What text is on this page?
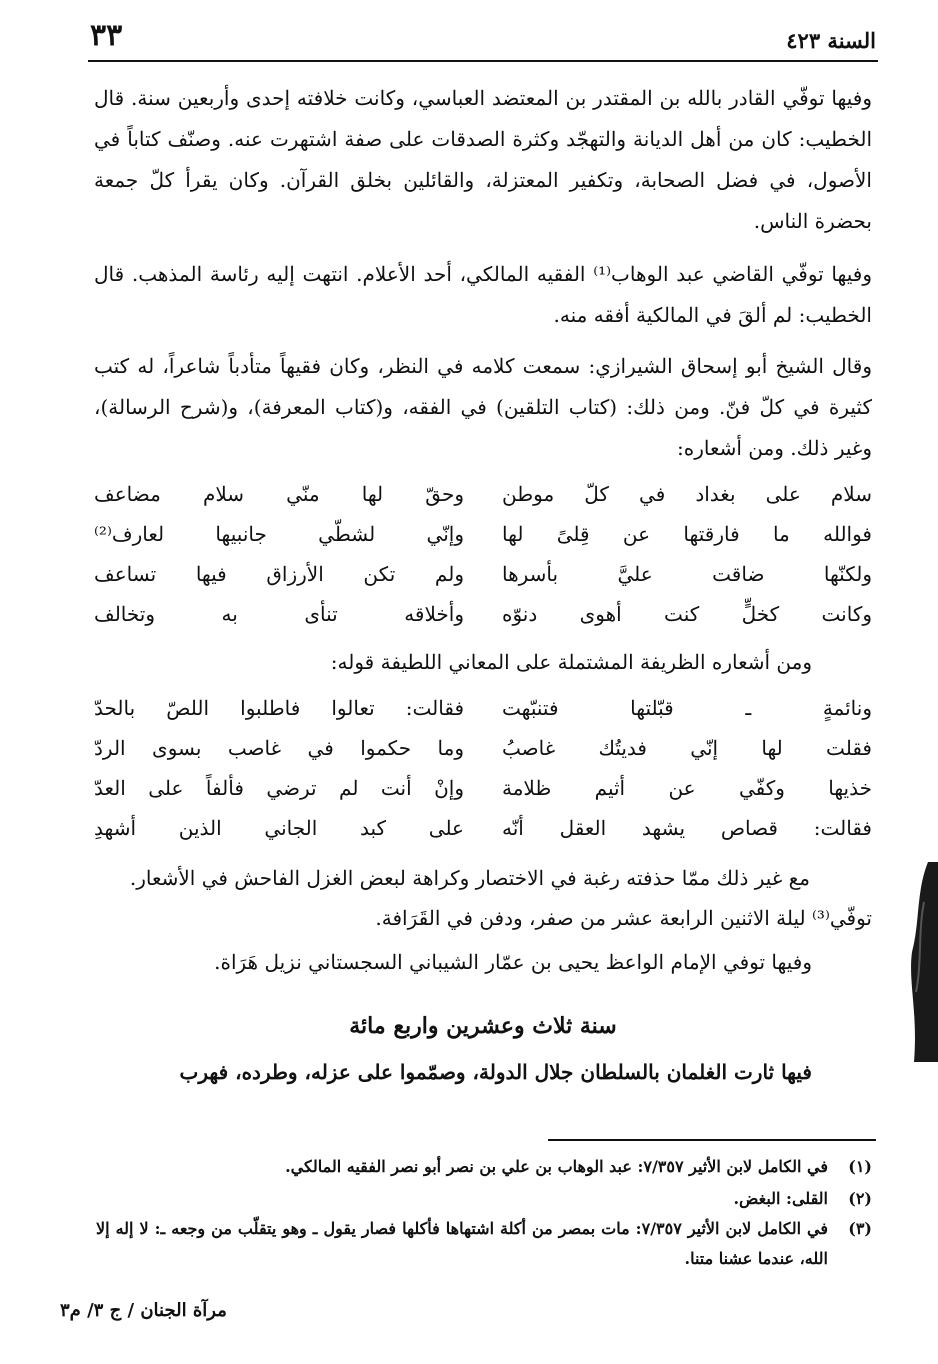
السنة ٤٢٣
٣٣

وفيها توفّي القادر بالله بن المقتدر بن المعتضد العباسي، وكانت خلافته إحدى وأربعين سنة. قال الخطيب: كان من أهل الديانة والتهجّد وكثرة الصدقات على صفة اشتهرت عنه. وصنّف كتاباً في الأصول، في فضل الصحابة، وتكفير المعتزلة، والقائلين بخلق القرآن. وكان يقرأ كلّ جمعة بحضرة الناس.

وفيها توفّي القاضي عبد الوهاب⁽¹⁾ الفقيه المالكي، أحد الأعلام. انتهت إليه رئاسة المذهب. قال الخطيب: لم ألقَ في المالكية أفقه منه.

وقال الشيخ أبو إسحاق الشيرازي: سمعت كلامه في النظر، وكان فقيهاً متأدباً شاعراً، له كتب كثيرة في كلّ فنّ. ومن ذلك: (كتاب التلقين) في الفقه، و(كتاب المعرفة)، و(شرح الرسالة)، وغير ذلك. ومن أشعاره:

سلام على بغداد في كلّ موطن
وحقّ لها منّي سلام مضاعف
فوالله ما فارقتها عن قِلىً لها
وإنّي لشطّي جانبيها لعارف⁽²⁾
ولكنّها ضاقت عليَّ بأسرها
ولم تكن الأرزاق فيها تساعف
وكانت كخلٍّ كنت أهوى دنوّه
وأخلاقه تنأى به وتخالف

ومن أشعاره الظريفة المشتملة على المعاني اللطيفة قوله:

ونائمةٍ ـ قبّلتها فتنبّهت
فقالت: تعالوا فاطلبوا اللصّ بالحدّ
فقلت لها إنّي فديتُك غاصبُ
وما حكموا في غاصب بسوى الردّ
خذيها وكفّي عن أثيم ظلامة
وإنْ أنت لم ترضي فألفاً على العدّ
فقالت: قصاص يشهد العقل أنّه
على كبد الجاني الذين أشهدِ

مع غير ذلك ممّا حذفته رغبة في الاختصار وكراهة لبعض الغزل الفاحش في الأشعار.

توفّي⁽³⁾ ليلة الاثنين الرابعة عشر من صفر، ودفن في القَرَافة.

وفيها توفي الإمام الواعظ يحيى بن عمّار الشيباني السجستاني نزيل هَرَاة.

سنة ثلاث وعشرين واربع مائة

فيها ثارت الغلمان بالسلطان جلال الدولة، وصمّموا على عزله، وطرده، فهرب

(١)
في الكامل لابن الأثير ٧/٣٥٧: عبد الوهاب بن علي بن نصر أبو نصر الفقيه المالكي.
(٢)
القلى: البغض.
(٣)
في الكامل لابن الأثير ٧/٣٥٧: مات بمصر من أكلة اشتهاها فأكلها فصار يقول ـ وهو يتقلّب من وجعه ـ: لا إله إلا الله، عندما عشنا متنا.
مرآة الجنان / ج ٣/ م٣
